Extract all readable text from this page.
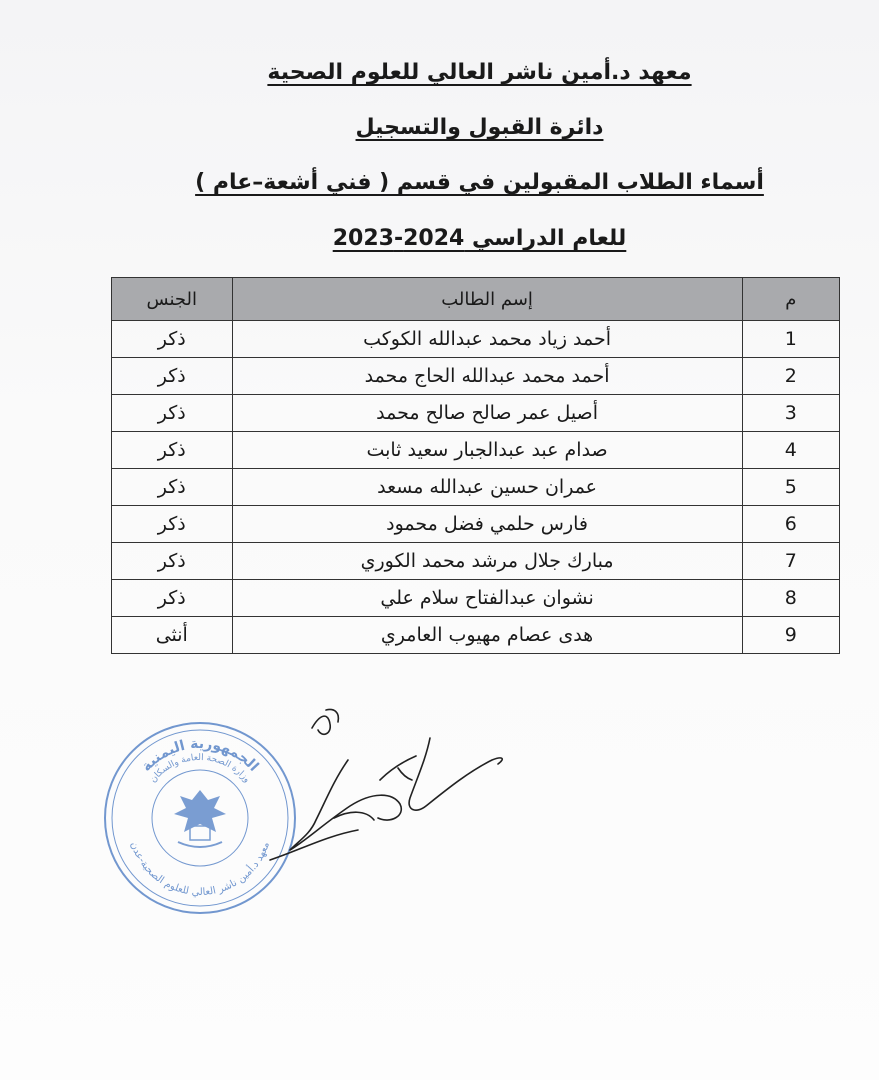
معهد د.أمين ناشر العالي للعلوم الصحية
دائرة القبول والتسجيل
أسماء الطلاب المقبولين في قسم ( فني أشعة–عام )
للعام الدراسي 2024-2023
م	إسم الطالب	الجنس
1	أحمد زياد محمد عبدالله الكوكب	ذكر
2	أحمد محمد عبدالله الحاج محمد	ذكر
3	أصيل عمر صالح صالح محمد	ذكر
4	صدام عبد عبدالجبار سعيد ثابت	ذكر
5	عمران حسين عبدالله مسعد	ذكر
6	فارس حلمي فضل محمود	ذكر
7	مبارك جلال مرشد محمد الكوري	ذكر
8	نشوان عبدالفتاح سلام علي	ذكر
9	هدى عصام مهيوب العامري	أنثى
الجمهورية اليمنية
وزارة الصحة العامة والسكان
معهد د.أمين ناشر العالي للعلوم الصحية-عدن
